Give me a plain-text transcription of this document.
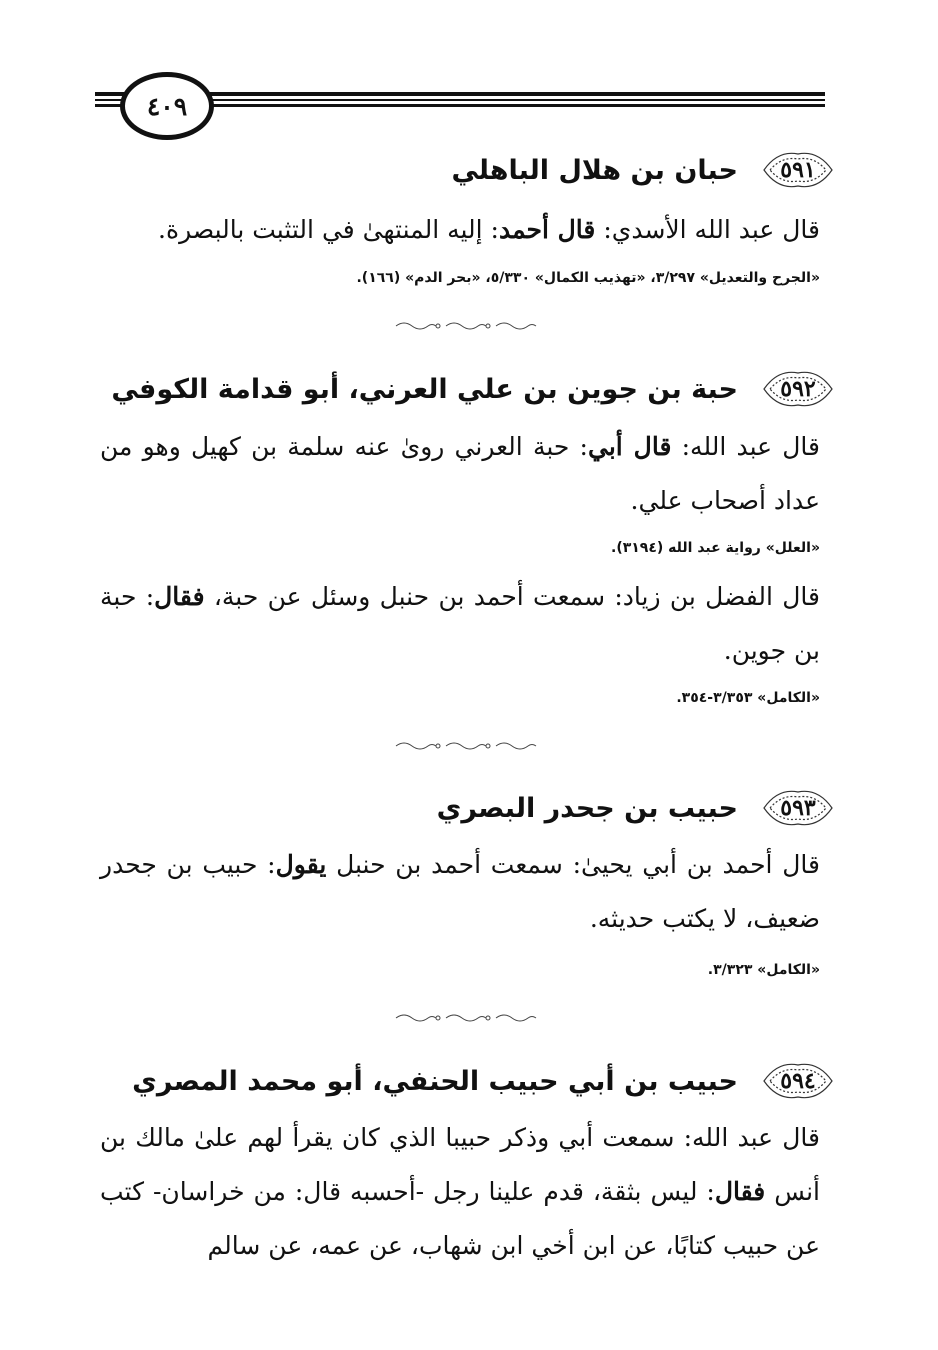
٤٠٩
٥٩١
حبان بن هلال الباهلي
قال عبد الله الأسدي: قال أحمد: إليه المنتهىٰ في التثبت بالبصرة.
«الجرح والتعديل» ٣/٢٩٧، «تهذيب الكمال» ٥/٣٣٠، «بحر الدم» (١٦٦).
٥٩٢
حبة بن جوين بن علي العرني، أبو قدامة الكوفي
قال عبد الله: قال أبي: حبة العرني روىٰ عنه سلمة بن كهيل وهو من عداد أصحاب علي.
«العلل» رواية عبد الله (٣١٩٤).
قال الفضل بن زياد: سمعت أحمد بن حنبل وسئل عن حبة، فقال: حبة بن جوين.
«الكامل» ٣/٣٥٣-٣٥٤.
٥٩٣
حبيب بن جحدر البصري
قال أحمد بن أبي يحيىٰ: سمعت أحمد بن حنبل يقول: حبيب بن جحدر ضعيف، لا يكتب حديثه.
«الكامل» ٣/٣٢٣.
٥٩٤
حبيب بن أبي حبيب الحنفي، أبو محمد المصري
قال عبد الله: سمعت أبي وذكر حبيبا الذي كان يقرأ لهم علىٰ مالك بن أنس فقال: ليس بثقة، قدم علينا رجل -أحسبه قال: من خراسان- كتب عن حبيب كتابًا، عن ابن أخي ابن شهاب، عن عمه، عن سالم
